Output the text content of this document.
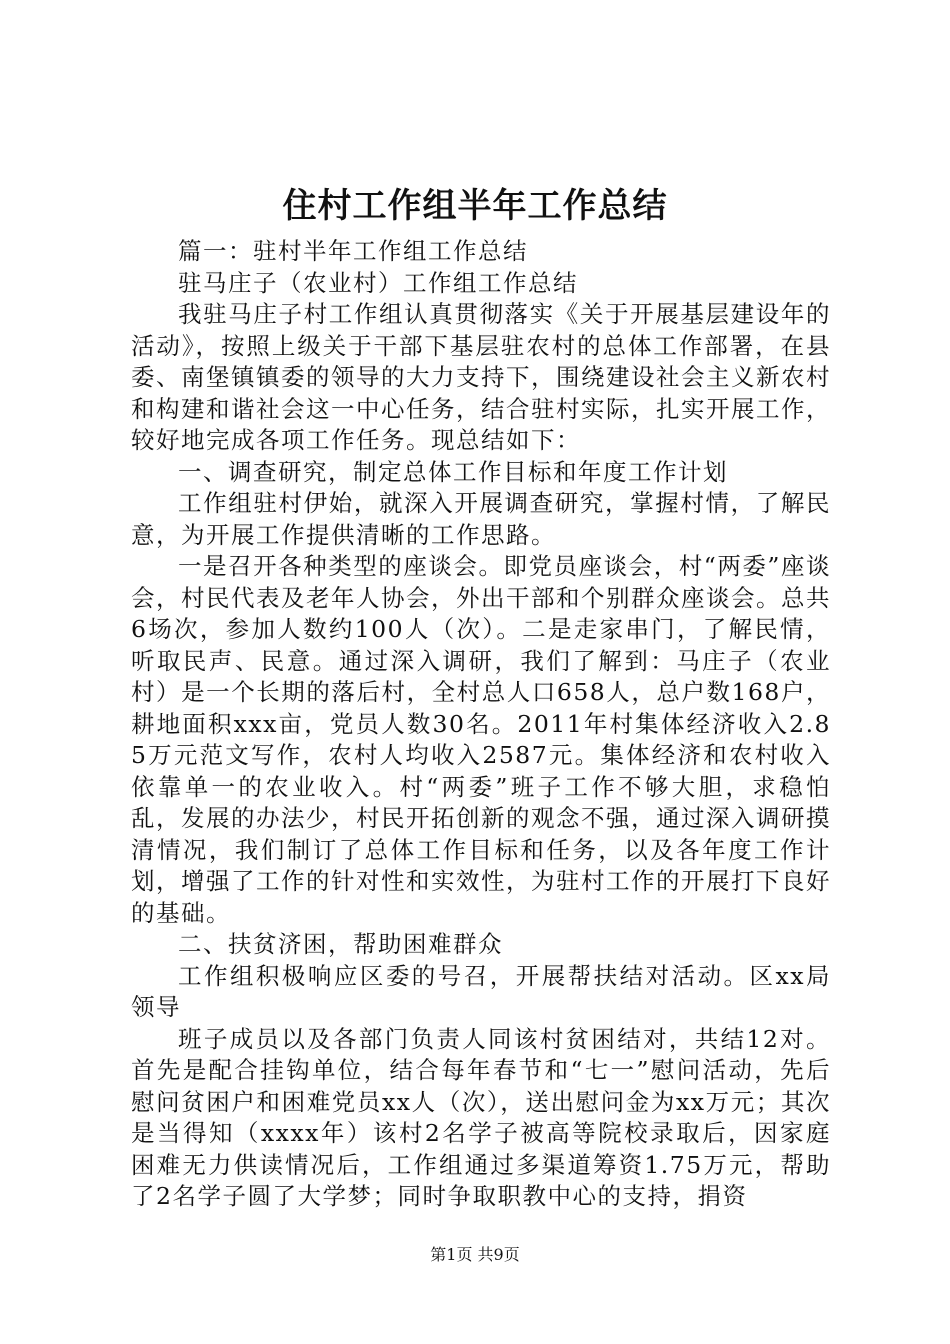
住村工作组半年工作总结

篇一：驻村半年工作组工作总结

驻马庄子（农业村）工作组工作总结

我驻马庄子村工作组认真贯彻落实《关于开展基层建设年的活动》，按照上级关于干部下基层驻农村的总体工作部署，在县委、南堡镇镇委的领导的大力支持下，围绕建设社会主义新农村和构建和谐社会这一中心任务，结合驻村实际，扎实开展工作，较好地完成各项工作任务。现总结如下：

一、调查研究，制定总体工作目标和年度工作计划

工作组驻村伊始，就深入开展调查研究，掌握村情，了解民意，为开展工作提供清晰的工作思路。

一是召开各种类型的座谈会。即党员座谈会，村“两委”座谈会，村民代表及老年人协会，外出干部和个别群众座谈会。总共6场次，参加人数约100人（次）。二是走家串门，了解民情，听取民声、民意。通过深入调研，我们了解到：马庄子（农业村）是一个长期的落后村，全村总人口658人，总户数168户，耕地面积xxx亩，党员人数30名。2011年村集体经济收入2.85万元范文写作，农村人均收入2587元。集体经济和农村收入依靠单一的农业收入。村“两委”班子工作不够大胆，求稳怕乱，发展的办法少，村民开拓创新的观念不强，通过深入调研摸清情况，我们制订了总体工作目标和任务，以及各年度工作计划，增强了工作的针对性和实效性，为驻村工作的开展打下良好的基础。

二、扶贫济困，帮助困难群众

工作组积极响应区委的号召，开展帮扶结对活动。区xx局领导

班子成员以及各部门负责人同该村贫困结对，共结12对。首先是配合挂钩单位，结合每年春节和“七一”慰问活动，先后慰问贫困户和困难党员xx人（次），送出慰问金为xx万元；其次是当得知（xxxx年）该村2名学子被高等院校录取后，因家庭困难无力供读情况后，工作组通过多渠道筹资1.75万元，帮助了2名学子圆了大学梦；同时争取职教中心的支持，捐资

第1页 共9页
